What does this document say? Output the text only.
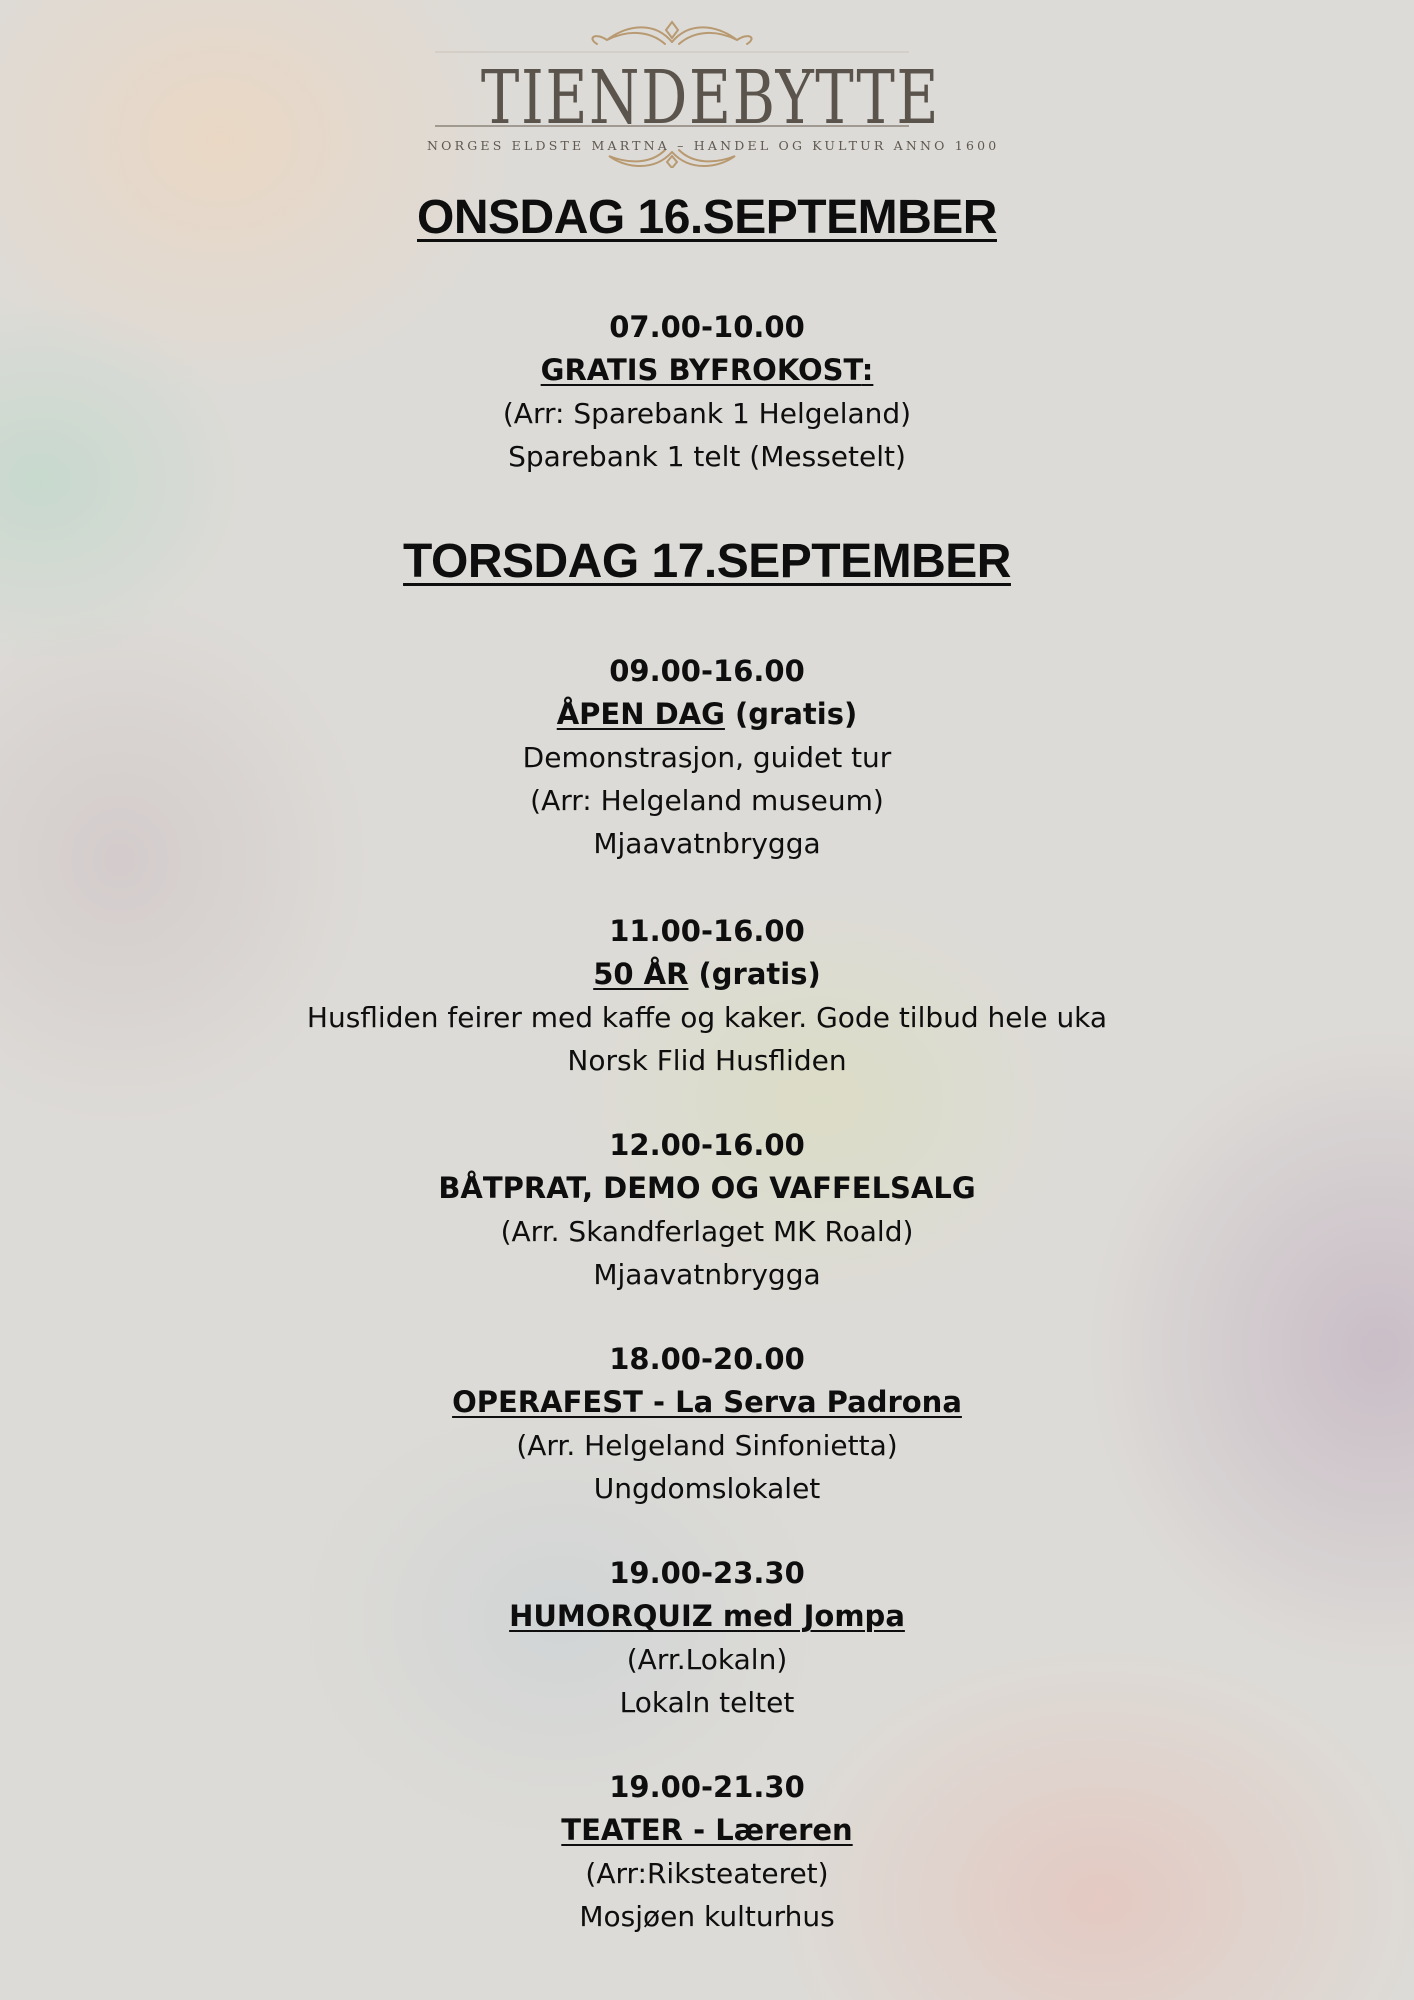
TIENDEBYTTE
NORGES ELDSTE MARTNA – HANDEL OG KULTUR ANNO 1600
ONSDAG 16.SEPTEMBER
07.00-10.00
GRATIS BYFROKOST:
(Arr: Sparebank 1 Helgeland)
Sparebank 1 telt (Messetelt)
TORSDAG 17.SEPTEMBER
09.00-16.00
ÅPEN DAG (gratis)
Demonstrasjon, guidet tur
(Arr: Helgeland museum)
Mjaavatnbrygga
11.00-16.00
50 ÅR (gratis)
Husfliden feirer med kaffe og kaker. Gode tilbud hele uka
Norsk Flid Husfliden
12.00-16.00
BÅTPRAT, DEMO OG VAFFELSALG
(Arr. Skandferlaget MK Roald)
Mjaavatnbrygga
18.00-20.00
OPERAFEST - La Serva Padrona
(Arr. Helgeland Sinfonietta)
Ungdomslokalet
19.00-23.30
HUMORQUIZ med Jompa
(Arr.Lokaln)
Lokaln teltet
19.00-21.30
TEATER - Læreren
(Arr:Riksteateret)
Mosjøen kulturhus
